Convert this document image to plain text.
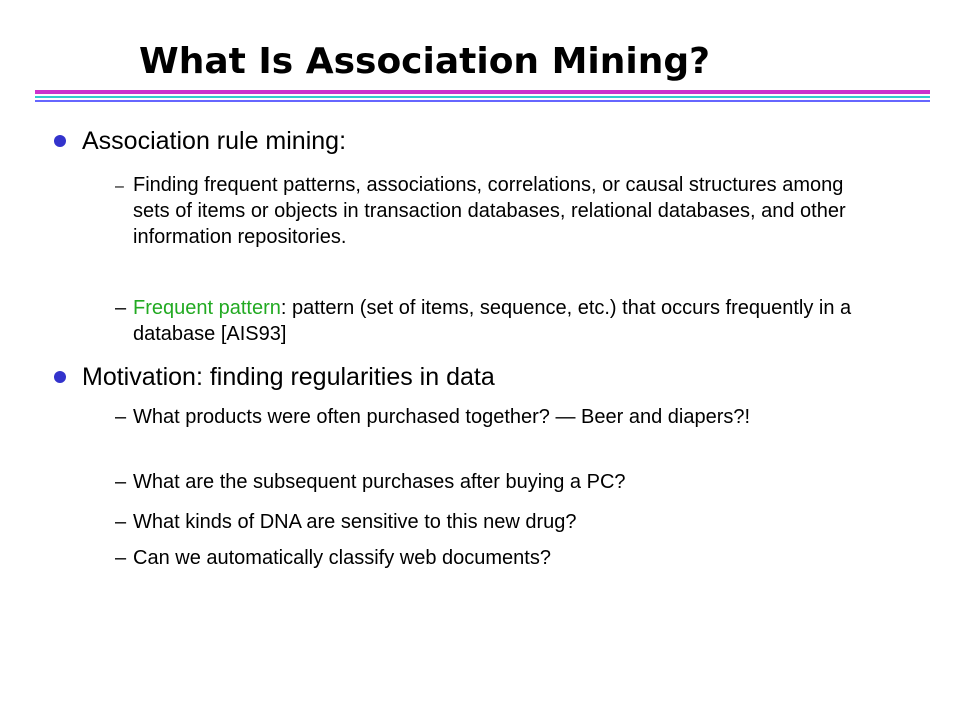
What Is Association Mining?
Association rule mining:
– Finding frequent patterns, associations, correlations, or causal structures among sets of items or objects in transaction databases, relational databases, and other information repositories.
– Frequent pattern: pattern (set of items, sequence, etc.) that occurs frequently in a database [AIS93]
Motivation: finding regularities in data
– What products were often purchased together? — Beer and diapers?!
– What are the subsequent purchases after buying a PC?
– What kinds of DNA are sensitive to this new drug?
– Can we automatically classify web documents?
